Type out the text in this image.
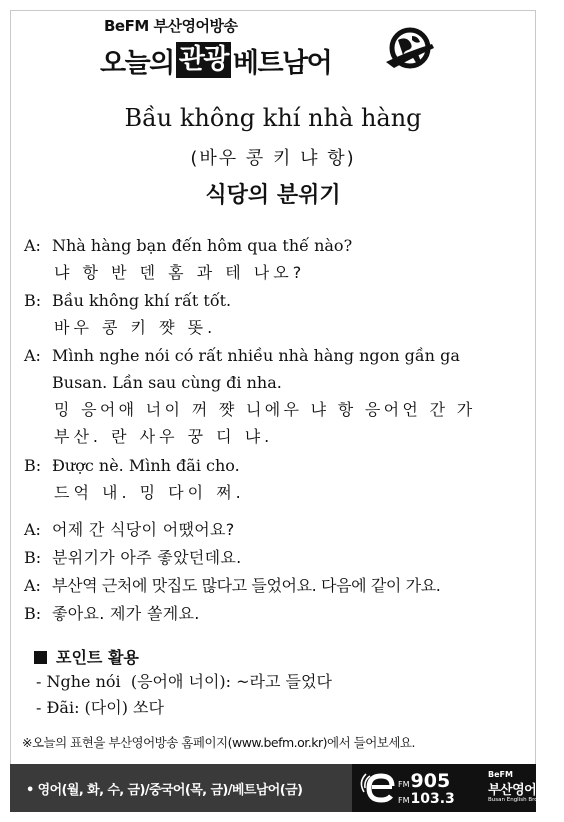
BeFM 부산영어방송
오늘의 관광 베트남어
Bầu không khí nhà hàng
(바우 콩 키 냐 항)
식당의 분위기
A: Nhà hàng bạn đến hôm qua thế nào?
냐 항 반 덴 홈 과 테 나오?
B: Bầu không khí rất tốt.
바우 콩 키 쨧 똣.
A: Mình nghe nói có rất nhiều nhà hàng ngon gần ga
Busan. Lần sau cùng đi nha.
밍 응어애 너이 꺼 쨧 니에우 냐 항 응어언 간 가
부산. 란 사우 꿍 디 냐.
B: Được nè. Mình đãi cho.
드억 내. 밍 다이 쩌.
A: 어제 간 식당이 어땠어요?
B: 분위기가 아주 좋았던데요.
A: 부산역 근처에 맛집도 많다고 들었어요. 다음에 같이 가요.
B: 좋아요. 제가 쏠게요.
포인트 활용
- Nghe nói  (응어애 너이): ~라고 들었다
- Đãi: (다이) 쏘다
※오늘의 표현을 부산영어방송 홈페이지(www.befm.or.kr)에서 들어보세요.
• 영어(월, 화, 수, 금)/중국어(목, 금)/베트남어(금)	FM905
FM103.3
BeFM
부산영어방송
Busan English Broadcasting
